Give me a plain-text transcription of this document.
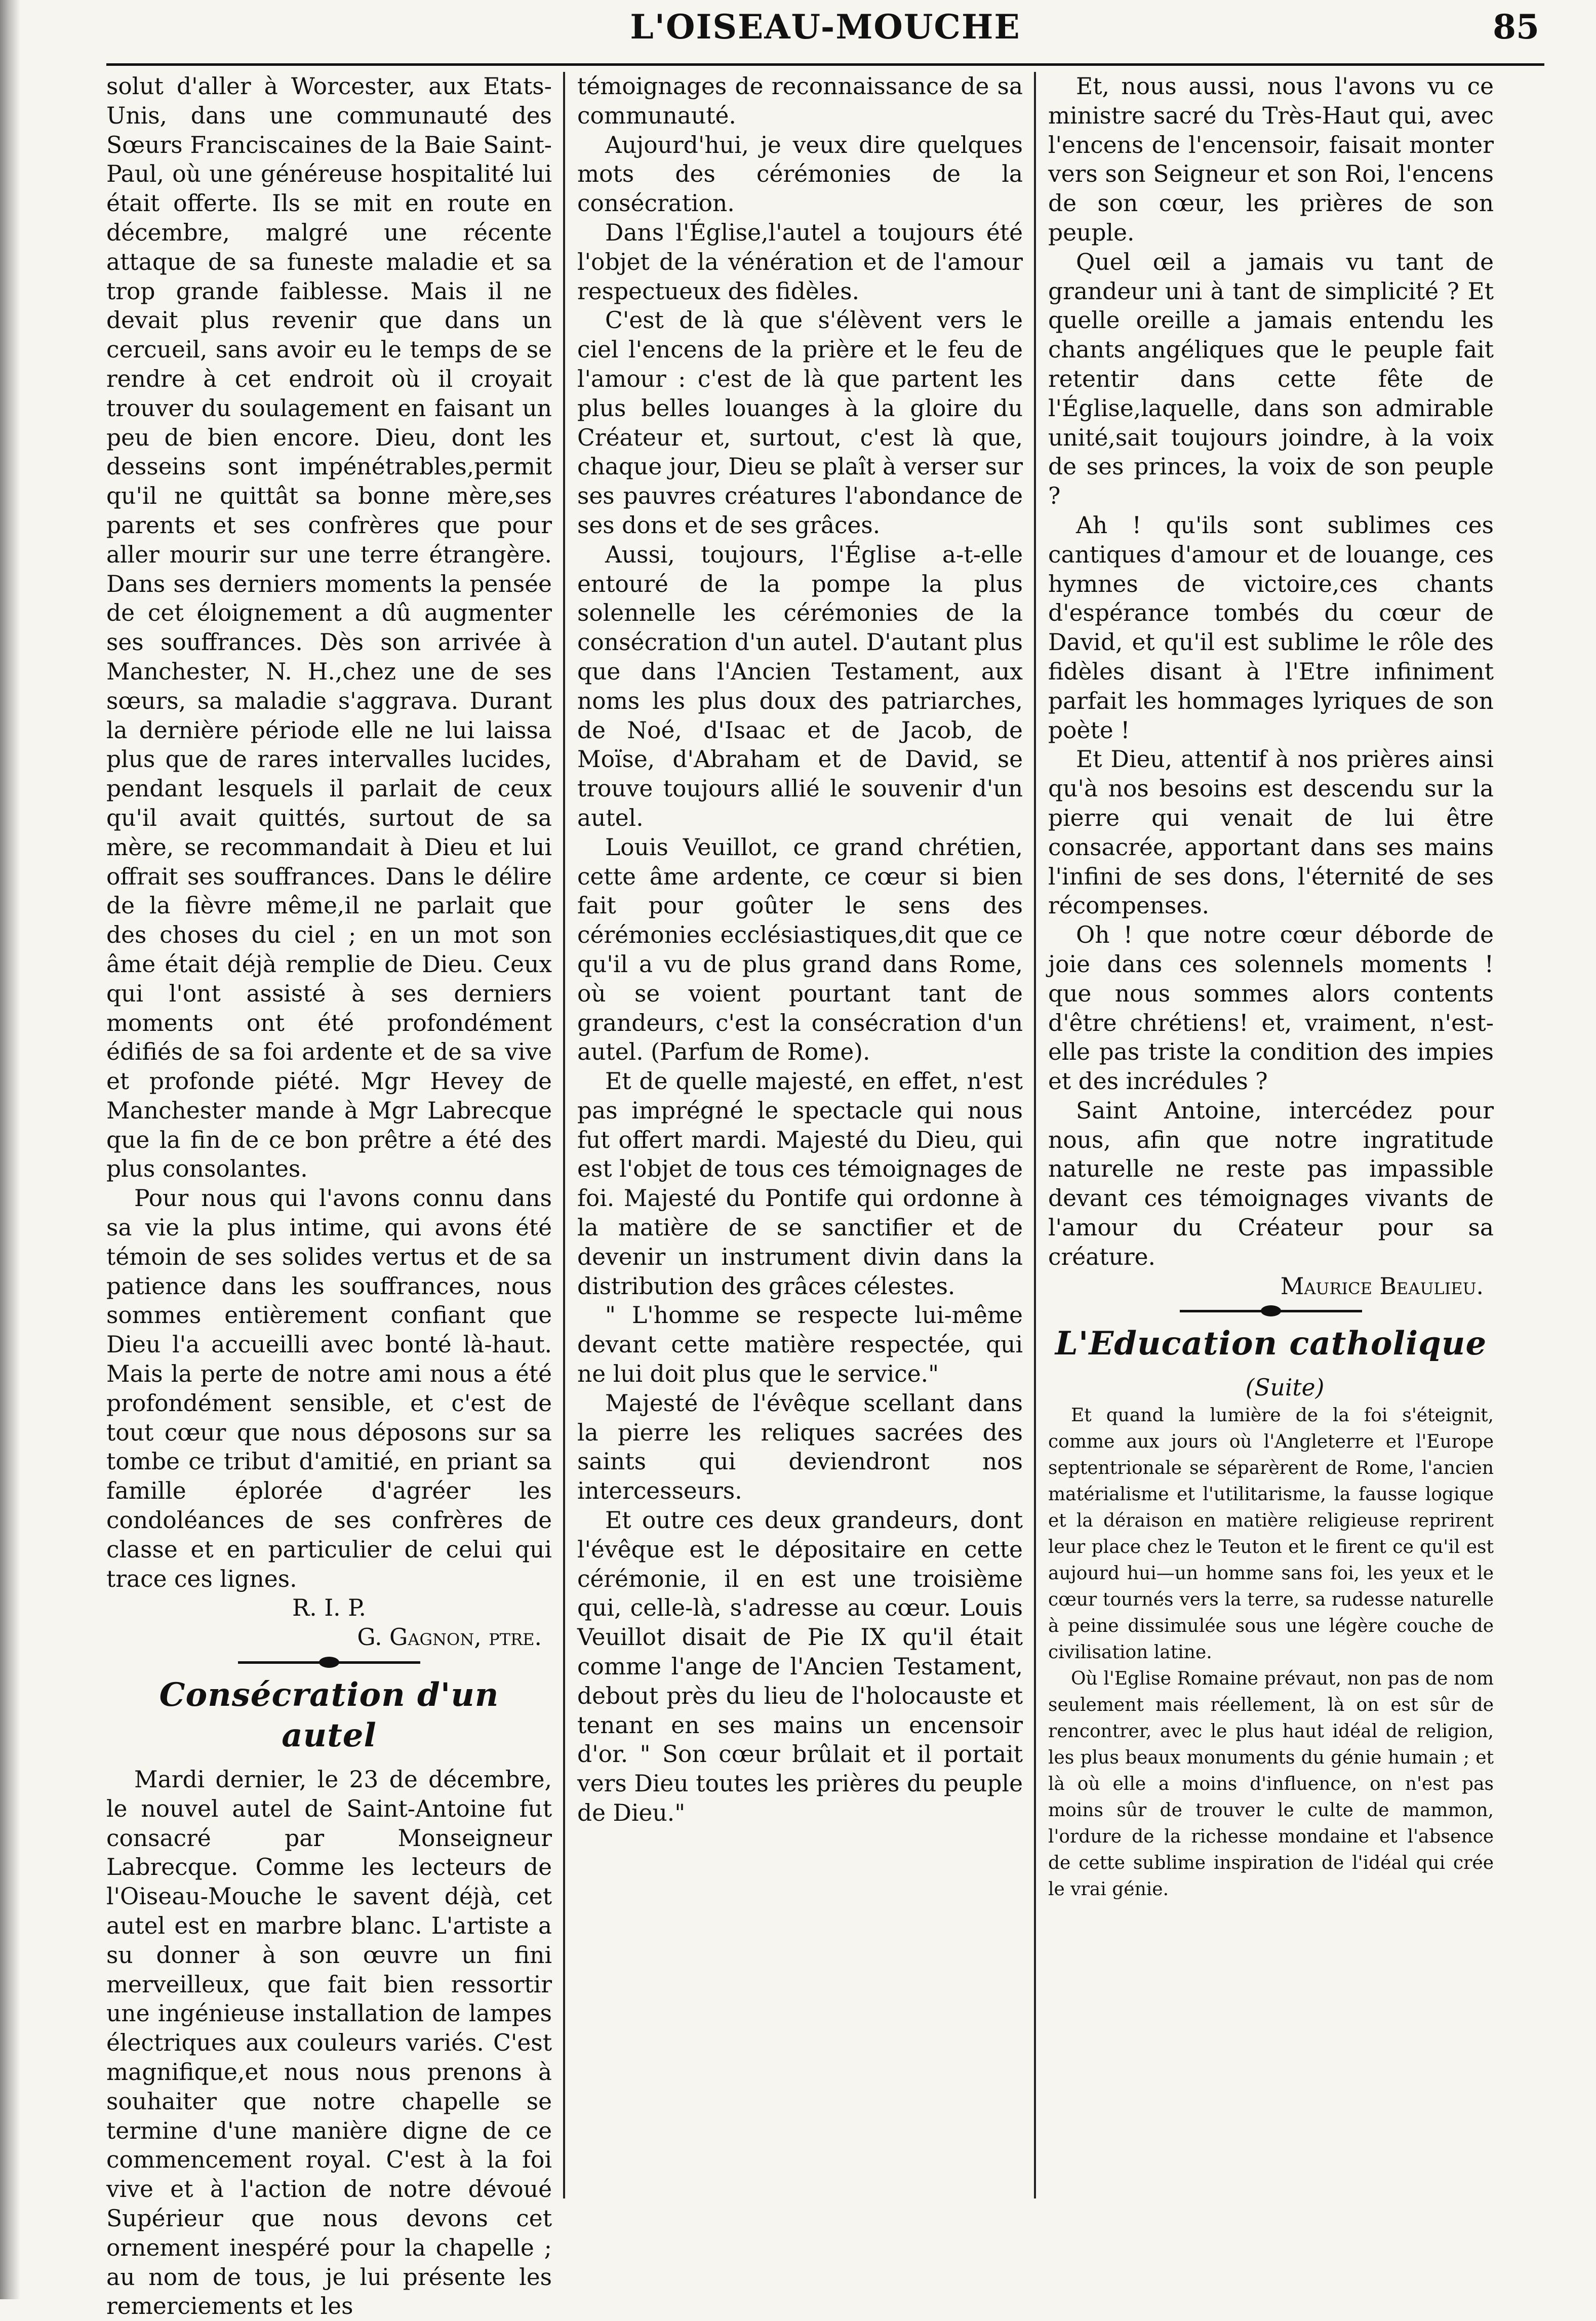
L'OISEAU-MOUCHE	85

solut d'aller à Worcester, aux Etats-Unis, dans une communauté des Sœurs Franciscaines de la Baie Saint-Paul, où une généreuse hospitalité lui était offerte. Ils se mit en route en décembre, malgré une récente attaque de sa funeste maladie et sa trop grande faiblesse. Mais il ne devait plus revenir que dans un cercueil, sans avoir eu le temps de se rendre à cet endroit où il croyait trouver du soulagement en faisant un peu de bien encore. Dieu, dont les desseins sont impénétrables,permit qu'il ne quittât sa bonne mère,ses parents et ses confrères que pour aller mourir sur une terre étrangère. Dans ses derniers moments la pensée de cet éloignement a dû augmenter ses souffrances. Dès son arrivée à Manchester, N. H.,chez une de ses sœurs, sa maladie s'aggrava. Durant la dernière période elle ne lui laissa plus que de rares intervalles lucides, pendant lesquels il parlait de ceux qu'il avait quittés, surtout de sa mère, se recommandait à Dieu et lui offrait ses souffrances. Dans le délire de la fièvre même,il ne parlait que des choses du ciel ; en un mot son âme était déjà remplie de Dieu. Ceux qui l'ont assisté à ses derniers moments ont été profondément édifiés de sa foi ardente et de sa vive et profonde piété. Mgr Hevey de Manchester mande à Mgr Labrecque que la fin de ce bon prêtre a été des plus consolantes.

Pour nous qui l'avons connu dans sa vie la plus intime, qui avons été témoin de ses solides vertus et de sa patience dans les souffrances, nous sommes entièrement confiant que Dieu l'a accueilli avec bonté là-haut. Mais la perte de notre ami nous a été profondément sensible, et c'est de tout cœur que nous déposons sur sa tombe ce tribut d'amitié, en priant sa famille éplorée d'agréer les condoléances de ses confrères de classe et en particulier de celui qui trace ces lignes.

R. I. P.

G. Gagnon, ptre.

Consécration d'un autel

Mardi dernier, le 23 de décembre, le nouvel autel de Saint-Antoine fut consacré par Monseigneur Labrecque. Comme les lecteurs de l'Oiseau-Mouche le savent déjà, cet autel est en marbre blanc. L'artiste a su donner à son œuvre un fini merveilleux, que fait bien ressortir une ingénieuse installation de lampes électriques aux couleurs variés. C'est magnifique,et nous nous prenons à souhaiter que notre chapelle se termine d'une manière digne de ce commencement royal. C'est à la foi vive et à l'action de notre dévoué Supérieur que nous devons cet ornement inespéré pour la chapelle ; au nom de tous, je lui présente les remerciements et les

témoignages de reconnaissance de sa communauté.

Aujourd'hui, je veux dire quelques mots des cérémonies de la consécration.

Dans l'Église,l'autel a toujours été l'objet de la vénération et de l'amour respectueux des fidèles.

C'est de là que s'élèvent vers le ciel l'encens de la prière et le feu de l'amour : c'est de là que partent les plus belles louanges à la gloire du Créateur et, surtout, c'est là que, chaque jour, Dieu se plaît à verser sur ses pauvres créatures l'abondance de ses dons et de ses grâces.

Aussi, toujours, l'Église a-t-elle entouré de la pompe la plus solennelle les cérémonies de la consécration d'un autel. D'autant plus que dans l'Ancien Testament, aux noms les plus doux des patriarches, de Noé, d'Isaac et de Jacob, de Moïse, d'Abraham et de David, se trouve toujours allié le souvenir d'un autel.

Louis Veuillot, ce grand chrétien, cette âme ardente, ce cœur si bien fait pour goûter le sens des cérémonies ecclésiastiques,dit que ce qu'il a vu de plus grand dans Rome, où se voient pourtant tant de grandeurs, c'est la consécration d'un autel. (Parfum de Rome).

Et de quelle majesté, en effet, n'est pas imprégné le spectacle qui nous fut offert mardi. Majesté du Dieu, qui est l'objet de tous ces témoignages de foi. Majesté du Pontife qui ordonne à la matière de se sanctifier et de devenir un instrument divin dans la distribution des grâces célestes.

" L'homme se respecte lui-même devant cette matière respectée, qui ne lui doit plus que le service."

Majesté de l'évêque scellant dans la pierre les reliques sacrées des saints qui deviendront nos intercesseurs.

Et outre ces deux grandeurs, dont l'évêque est le dépositaire en cette cérémonie, il en est une troisième qui, celle-là, s'adresse au cœur. Louis Veuillot disait de Pie IX qu'il était comme l'ange de l'Ancien Testament, debout près du lieu de l'holocauste et tenant en ses mains un encensoir d'or. " Son cœur brûlait et il portait vers Dieu toutes les prières du peuple de Dieu."

Et, nous aussi, nous l'avons vu ce ministre sacré du Très-Haut qui, avec l'encens de l'encensoir, faisait monter vers son Seigneur et son Roi, l'encens de son cœur, les prières de son peuple.

Quel œil a jamais vu tant de grandeur uni à tant de simplicité ? Et quelle oreille a jamais entendu les chants angéliques que le peuple fait retentir dans cette fête de l'Église,laquelle, dans son admirable unité,sait toujours joindre, à la voix de ses princes, la voix de son peuple ?

Ah ! qu'ils sont sublimes ces cantiques d'amour et de louange, ces hymnes de victoire,ces chants d'espérance tombés du cœur de David, et qu'il est sublime le rôle des fidèles disant à l'Etre infiniment parfait les hommages lyriques de son poète !

Et Dieu, attentif à nos prières ainsi qu'à nos besoins est descendu sur la pierre qui venait de lui être consacrée, apportant dans ses mains l'infini de ses dons, l'éternité de ses récompenses.

Oh ! que notre cœur déborde de joie dans ces solennels moments ! que nous sommes alors contents d'être chrétiens! et, vraiment, n'est-elle pas triste la condition des impies et des incrédules ?

Saint Antoine, intercédez pour nous, afin que notre ingratitude naturelle ne reste pas impassible devant ces témoignages vivants de l'amour du Créateur pour sa créature.

Maurice Beaulieu.

L'Education catholique

(Suite)

Et quand la lumière de la foi s'éteignit, comme aux jours où l'Angleterre et l'Europe septentrionale se séparèrent de Rome, l'ancien matérialisme et l'utilitarisme, la fausse logique et la déraison en matière religieuse reprirent leur place chez le Teuton et le firent ce qu'il est aujourd hui—un homme sans foi, les yeux et le cœur tournés vers la terre, sa rudesse naturelle à peine dissimulée sous une légère couche de civilisation latine.

Où l'Eglise Romaine prévaut, non pas de nom seulement mais réellement, là on est sûr de rencontrer, avec le plus haut idéal de religion, les plus beaux monuments du génie humain ; et là où elle a moins d'influence, on n'est pas moins sûr de trouver le culte de mammon, l'ordure de la richesse mondaine et l'absence de cette sublime inspiration de l'idéal qui crée le vrai génie.
